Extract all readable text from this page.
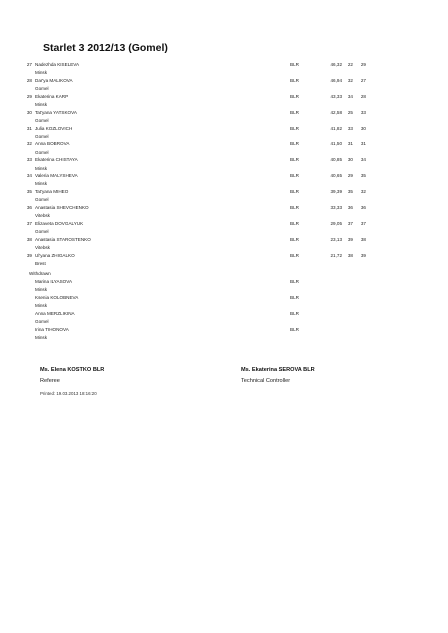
Starlet 3 2012/13 (Gomel)
27 Nadezhda KISELEVA
Minsk
BLR	46,32	22	29
28 Dar'ya MALIKOVA
Gomel
BLR	46,94	32	27
29 Ekaterina KARP
Minsk
BLR	43,33	34	28
30 Tat'yana YATSKOVA
Gomel
BLR	42,58	25	33
31 Julia KOZLOVICH
Gomel
BLR	41,82	33	30
32 Anna BOBROVA
Gomel
BLR	41,50	31	31
33 Ekaterina CHISTAYA
Minsk
BLR	40,85	30	34
34 Valeria MALYSHEVA
Minsk
BLR	40,65	29	35
35 Tat'yana MIHEO
Gomel
BLR	39,39	35	32
36 Anastasia SHEVCHENKO
Vitebsk
BLR	33,33	36	36
37 Elizaveta DOVGALYUK
Gomel
BLR	29,05	37	37
38 Anastasia STAROSTENKO
Vitebsk
BLR	23,13	39	38
39 Ul'yana ZHIGALKO
Brest
BLR	21,72	38	39
Withdrawn
Marina ILYASOVA
Minsk
BLR
Ksenia KOLOBNEVA
Minsk
BLR
Anna MERZLIKINA
Gomel
BLR
Irina TIHONOVA
Minsk
BLR
Ms. Elena KOSTKO BLR
Referee
Ms. Ekaterina SEROVA BLR
Technical Controller
Printed: 19.03.2013 18:16:20
